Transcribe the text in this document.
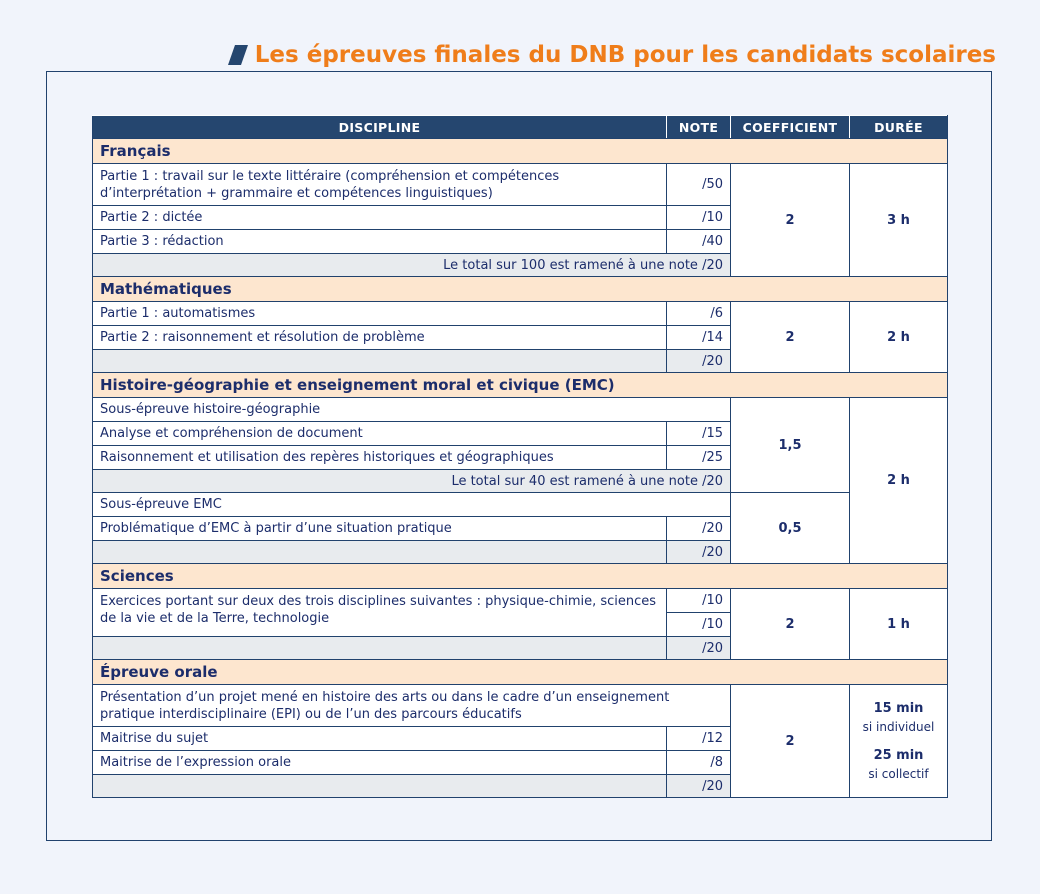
Les épreuves finales du DNB pour les candidats scolaires
DISCIPLINE	NOTE	COEFFICIENT	DURÉE
Français			
Partie 1 : travail sur le texte littéraire (compréhension et compétences d’interprétation + grammaire et compétences linguistiques)	/50	2	3 h
Partie 2 : dictée	/10		
Partie 3 : rédaction	/40		
Le total sur 100 est ramené à une note /20			
Mathématiques			
Partie 1 : automatismes	/6	2	2 h
Partie 2 : raisonnement et résolution de problème	/14		
	/20		
Histoire-géographie et enseignement moral et civique (EMC)			
Sous-épreuve histoire-géographie		1,5	2 h
Analyse et compréhension de document	/15		
Raisonnement et utilisation des repères historiques et géographiques	/25		
Le total sur 40 est ramené à une note /20			
Sous-épreuve EMC		0,5	
Problématique d’EMC à partir d’une situation pratique	/20		
	/20		
Sciences			
Exercices portant sur deux des trois disciplines suivantes : physique-chimie, sciences de la vie et de la Terre, technologie	/10	2	1 h
	/10		
	/20		
Épreuve orale			
Présentation d’un projet mené en histoire des arts ou dans le cadre d’un enseignement pratique interdisciplinaire (EPI) ou de l’un des parcours éducatifs		2	15 min
si individuel
25 min
si collectif

Maitrise du sujet	/12		
Maitrise de l’expression orale	/8		
	/20		
